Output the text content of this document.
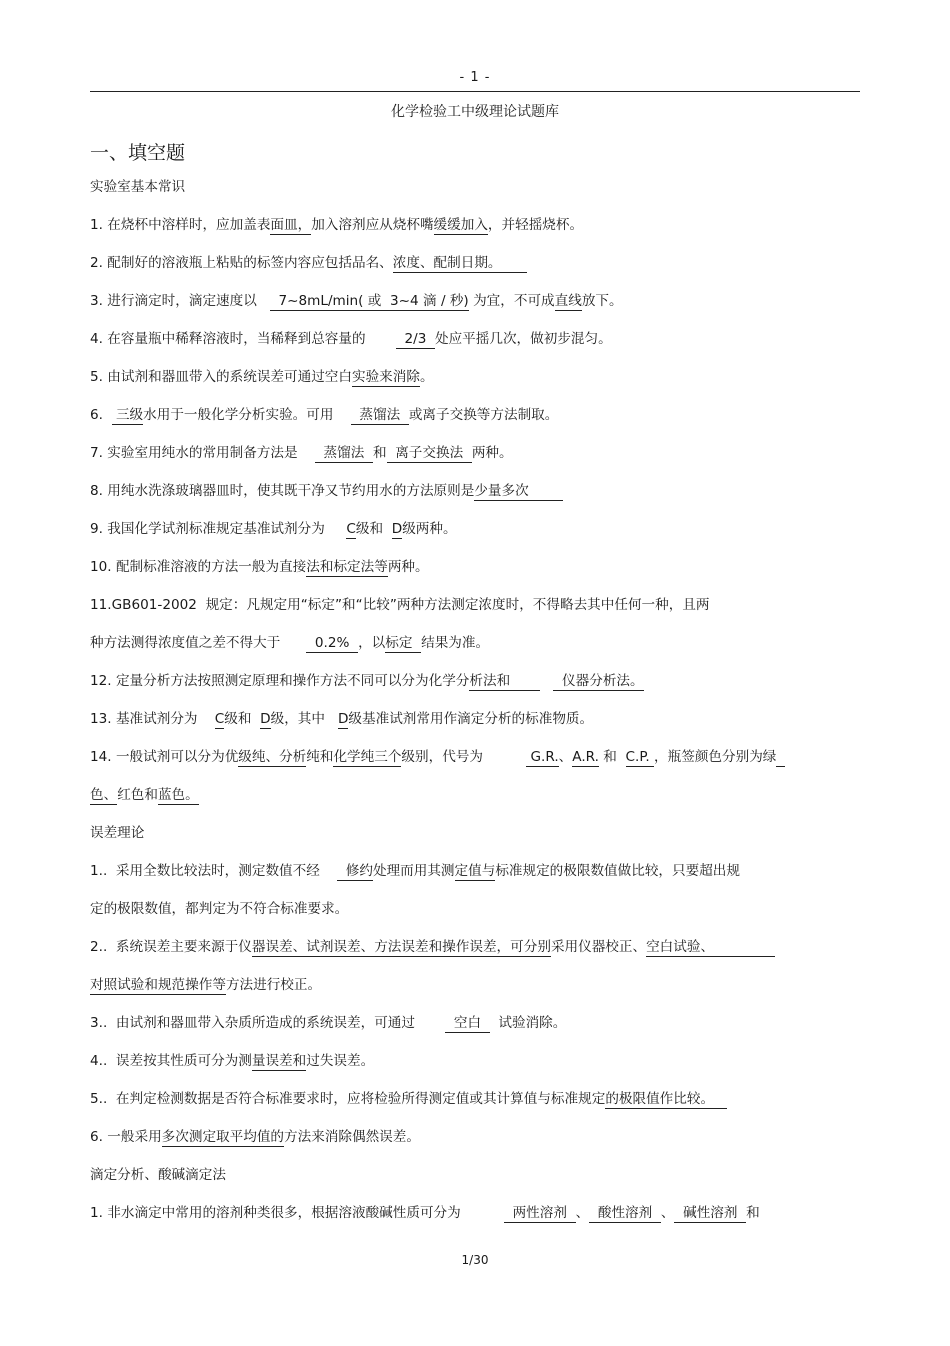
- 1 -
化学检验工中级理论试题库
一、填空题
实验室基本常识
1. 在烧杯中溶样时，应加盖表面皿，加入溶剂应从烧杯嘴缓缓加入，并轻摇烧杯。
2. 配制好的溶液瓶上粘贴的标签内容应包括品名、浓度、配制日期。
3. 进行滴定时，滴定速度以     7~8mL/min( 或  3~4 滴 / 秒) 为宜，不可成直线放下。
4. 在容量瓶中稀释溶液时，当稀释到总容量的         2/3  处应平摇几次，做初步混匀。
5. 由试剂和器皿带入的系统误差可通过空白实验来消除。
6.   三级水用于一般化学分析实验。可用      蒸馏法  或离子交换等方法制取。
7. 实验室用纯水的常用制备方法是      蒸馏法  和  离子交换法  两种。
8. 用纯水洗涤玻璃器皿时，使其既干净又节约用水的方法原则是少量多次
9. 我国化学试剂标准规定基准试剂分为     C级和  D级两种。
10. 配制标准溶液的方法一般为直接法和标定法等两种。
11.GB601-2002  规定：凡规定用“标定”和“比较”两种方法测定浓度时，不得略去其中任何一种，且两
种方法测得浓度值之差不得大于        0.2%  ，以标定  结果为准。
12. 定量分析方法按照测定原理和操作方法不同可以分为化学分析法和            仪器分析法。
13. 基准试剂分为    C级和  D级，其中   D级基准试剂常用作滴定分析的标准物质。
14. 一般试剂可以分为优级纯、分析纯和化学纯三个级别，代号为           G.R.、A.R. 和  C.P. ，瓶签颜色分别为绿
色、红色和蓝色。
误差理论
1..  采用全数比较法时，测定数值不经      修约处理而用其测定值与标准规定的极限数值做比较，只要超出规
定的极限数值，都判定为不符合标准要求。
2..  系统误差主要来源于仪器误差、试剂误差、方法误差和操作误差，可分别采用仪器校正、空白试验、
对照试验和规范操作等方法进行校正。
3..  由试剂和器皿带入杂质所造成的系统误差，可通过         空白    试验消除。
4..  误差按其性质可分为测量误差和过失误差。
5..  在判定检测数据是否符合标准要求时，应将检验所得测定值或其计算值与标准规定的极限值作比较。
6. 一般采用多次测定取平均值的方法来消除偶然误差。
滴定分析、酸碱滴定法
1. 非水滴定中常用的溶剂种类很多，根据溶液酸碱性质可分为            两性溶剂  、  酸性溶剂  、  碱性溶剂  和
1/30
